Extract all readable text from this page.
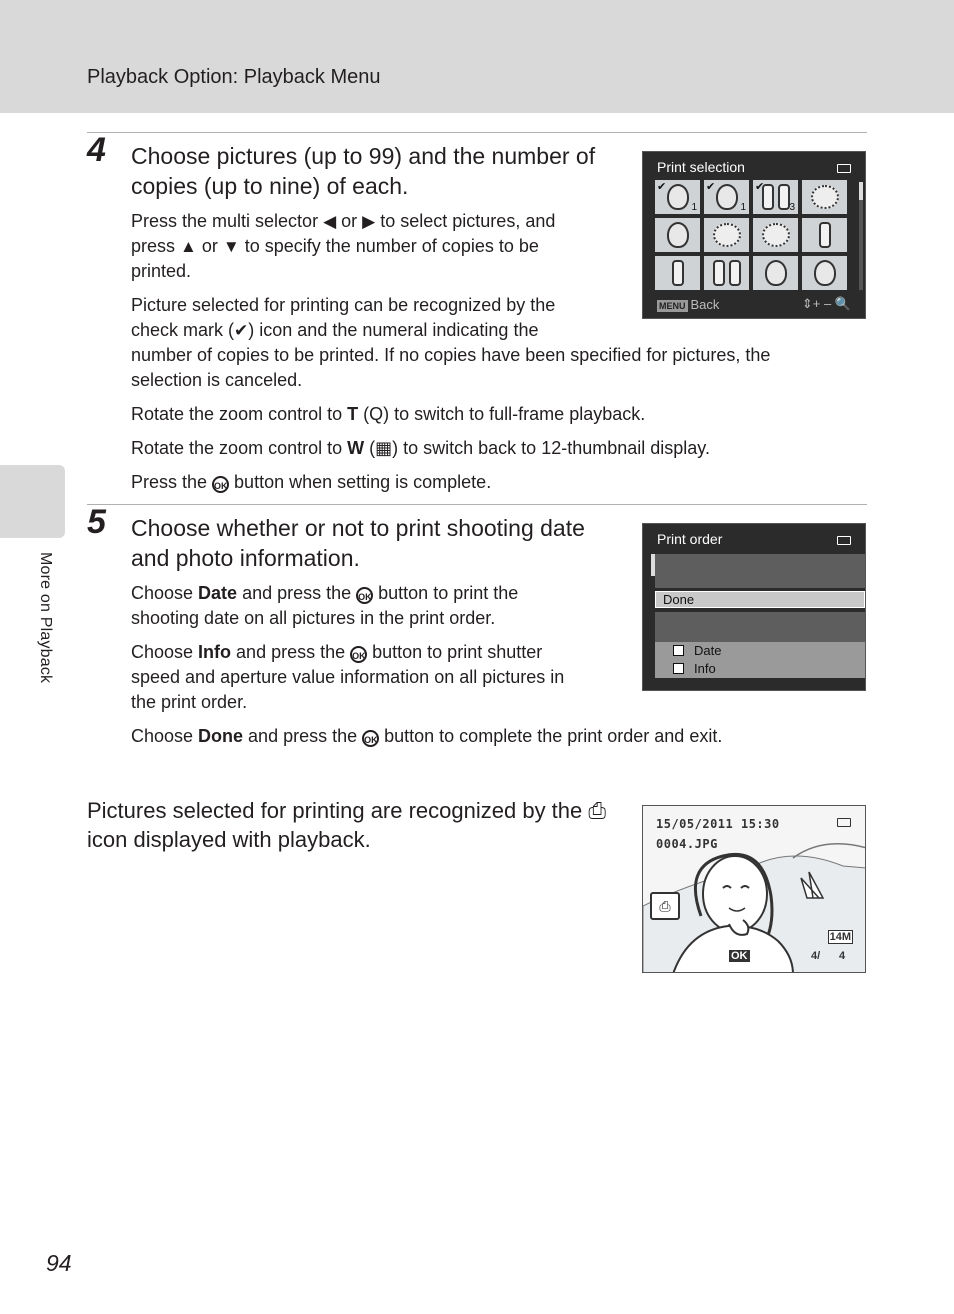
Playback Option: Playback Menu
More on Playback
4 Choose pictures (up to 99) and the number of copies (up to nine) of each.
Press the multi selector ◀ or ▶ to select pictures, and
press ▲ or ▼ to specify the number of copies to be
printed.
Picture selected for printing can be recognized by the
check mark (✔) icon and the numeral indicating the
number of copies to be printed. If no copies have been specified for pictures, the
selection is canceled.
Rotate the zoom control to T (Q) to switch to full-frame playback.
Rotate the zoom control to W (▦) to switch back to 12-thumbnail display.
Press the OK button when setting is complete.
Print selection
✔
1
✔
1
✔
3
MENU Back	⇕+ – 🔍
5 Choose whether or not to print shooting date and photo information.
Choose Date and press the OK button to print the
shooting date on all pictures in the print order.
Choose Info and press the OK button to print shutter
speed and aperture value information on all pictures in
the print order.
Choose Done and press the OK button to complete the print order and exit.
Print order
Done
Date
Info
Pictures selected for printing are recognized by the ⎙
icon displayed with playback.
15/05/2011 15:30
0004.JPG
⎙
14M
OK	4/ 4
94
